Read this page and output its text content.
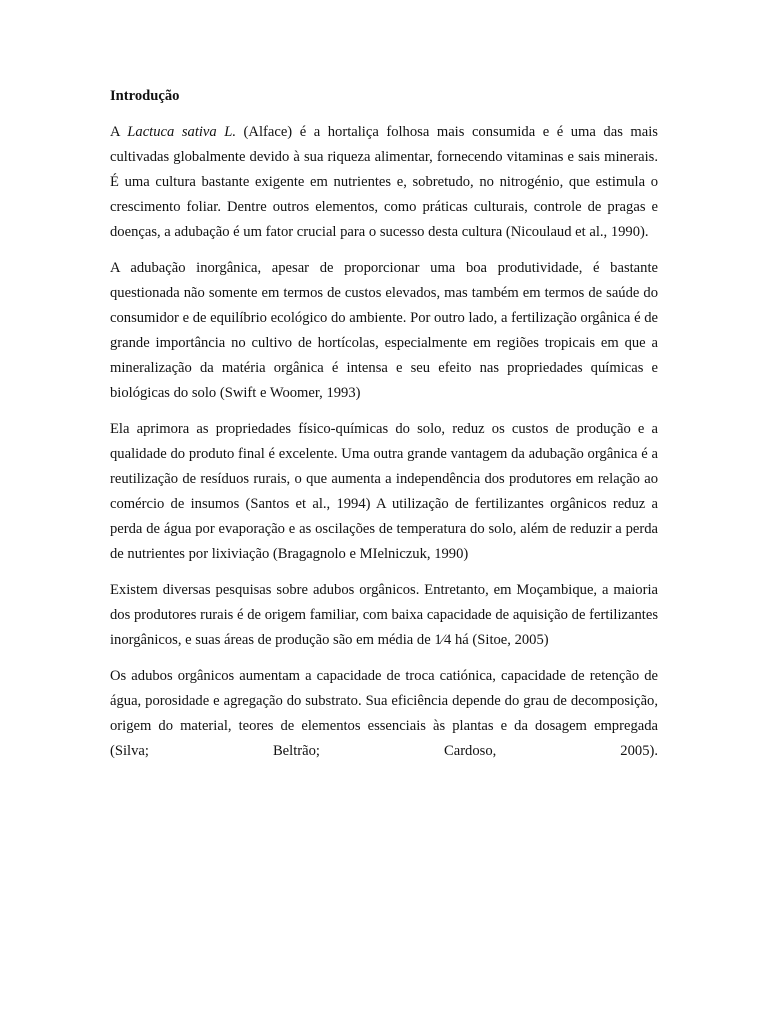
Introdução

A Lactuca sativa L. (Alface) é a hortaliça folhosa mais consumida e é uma das mais cultivadas globalmente devido à sua riqueza alimentar, fornecendo vitaminas e sais minerais. É uma cultura bastante exigente em nutrientes e, sobretudo, no nitrogénio, que estimula o crescimento foliar. Dentre outros elementos, como práticas culturais, controle de pragas e doenças, a adubação é um fator crucial para o sucesso desta cultura (Nicoulaud et al., 1990).

A adubação inorgânica, apesar de proporcionar uma boa produtividade, é bastante questionada não somente em termos de custos elevados, mas também em termos de saúde do consumidor e de equilíbrio ecológico do ambiente. Por outro lado, a fertilização orgânica é de grande importância no cultivo de hortícolas, especialmente em regiões tropicais em que a mineralização da matéria orgânica é intensa e seu efeito nas propriedades químicas e biológicas do solo (Swift e Woomer, 1993)

Ela aprimora as propriedades físico-químicas do solo, reduz os custos de produção e a qualidade do produto final é excelente. Uma outra grande vantagem da adubação orgânica é a reutilização de resíduos rurais, o que aumenta a independência dos produtores em relação ao comércio de insumos (Santos et al., 1994) A utilização de fertilizantes orgânicos reduz a perda de água por evaporação e as oscilações de temperatura do solo, além de reduzir a perda de nutrientes por lixiviação (Bragagnolo e MIelniczuk, 1990)

Existem diversas pesquisas sobre adubos orgânicos. Entretanto, em Moçambique, a maioria dos produtores rurais é de origem familiar, com baixa capacidade de aquisição de fertilizantes inorgânicos, e suas áreas de produção são em média de 1⁄4 há (Sitoe, 2005)

Os adubos orgânicos aumentam a capacidade de troca catiónica, capacidade de retenção de água, porosidade e agregação do substrato. Sua eficiência depende do grau de decomposição, origem do material, teores de elementos essenciais às plantas e da dosagem empregada (Silva; Beltrão; Cardoso, 2005).
